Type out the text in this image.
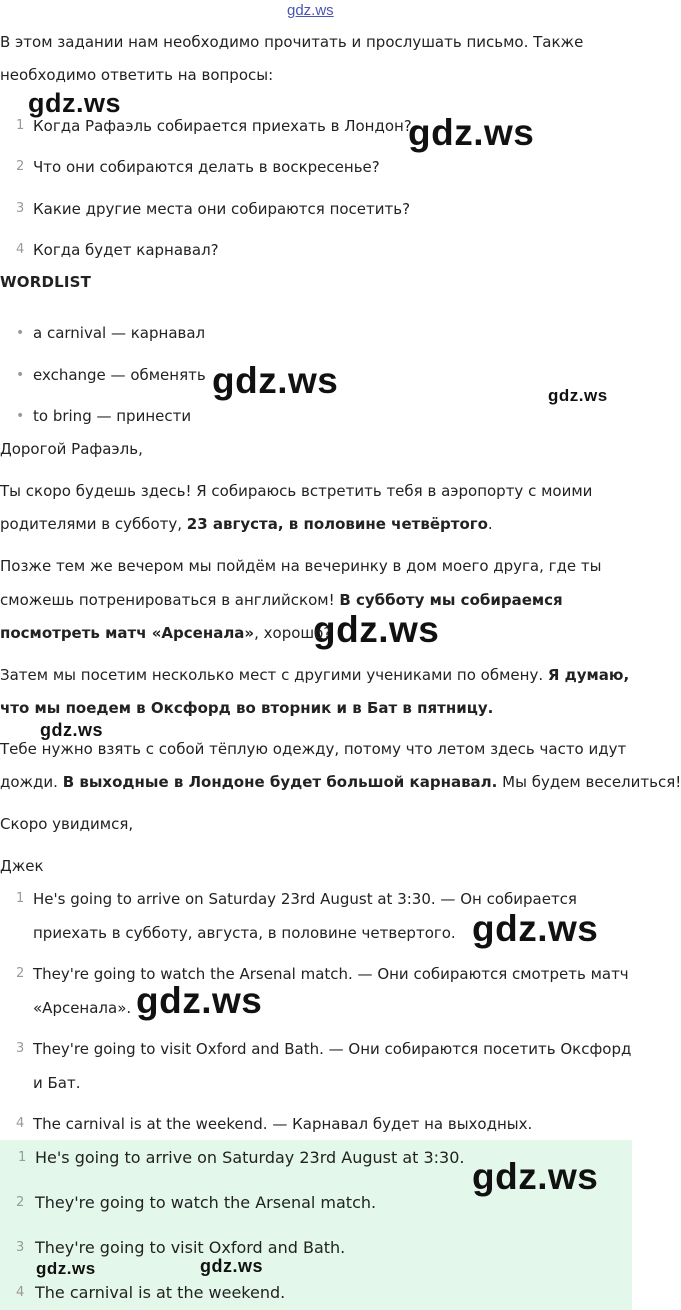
gdz.ws
gdz.ws
gdz.ws
gdz.ws	gdz.ws
gdz.ws
gdz.ws
gdz.ws
gdz.ws
В этом задании нам необходимо прочитать и прослушать письмо. Также
необходимо ответить на вопросы:
1 Когда Рафаэль собирается приехать в Лондон?
2 Что они собираются делать в воскресенье?
3 Какие другие места они собираются посетить?
4 Когда будет карнавал?
WORDLIST
• a carnival — карнавал
• exchange — обменять
• to bring — принести
Дорогой Рафаэль,
Ты скоро будешь здесь! Я собираюсь встретить тебя в аэропорту с моими
родителями в субботу, 23 августа, в половине четвёртого.
Позже тем же вечером мы пойдём на вечеринку в дом моего друга, где ты
сможешь потренироваться в английском! В субботу мы собираемся
посмотреть матч «Арсенала», хорошо?
Затем мы посетим несколько мест с другими учениками по обмену. Я думаю,
что мы поедем в Оксфорд во вторник и в Бат в пятницу.
Тебе нужно взять с собой тёплую одежду, потому что летом здесь часто идут
дожди. В выходные в Лондоне будет большой карнавал. Мы будем веселиться!
Скоро увидимся,
Джек
1 He's going to arrive on Saturday 23rd August at 3:30. — Он собирается
приехать в субботу, августа, в половине четвертого.
2 They're going to watch the Arsenal match. — Они собираются смотреть матч
«Арсенала».
3 They're going to visit Oxford and Bath. — Они собираются посетить Оксфорд
и Бат.
4 The carnival is at the weekend. — Карнавал будет на выходных.
1 He's going to arrive on Saturday 23rd August at 3:30.
2 They're going to watch the Arsenal match.
3 They're going to visit Oxford and Bath.
4 The carnival is at the weekend.
gdz.ws
gdz.ws	gdz.ws
